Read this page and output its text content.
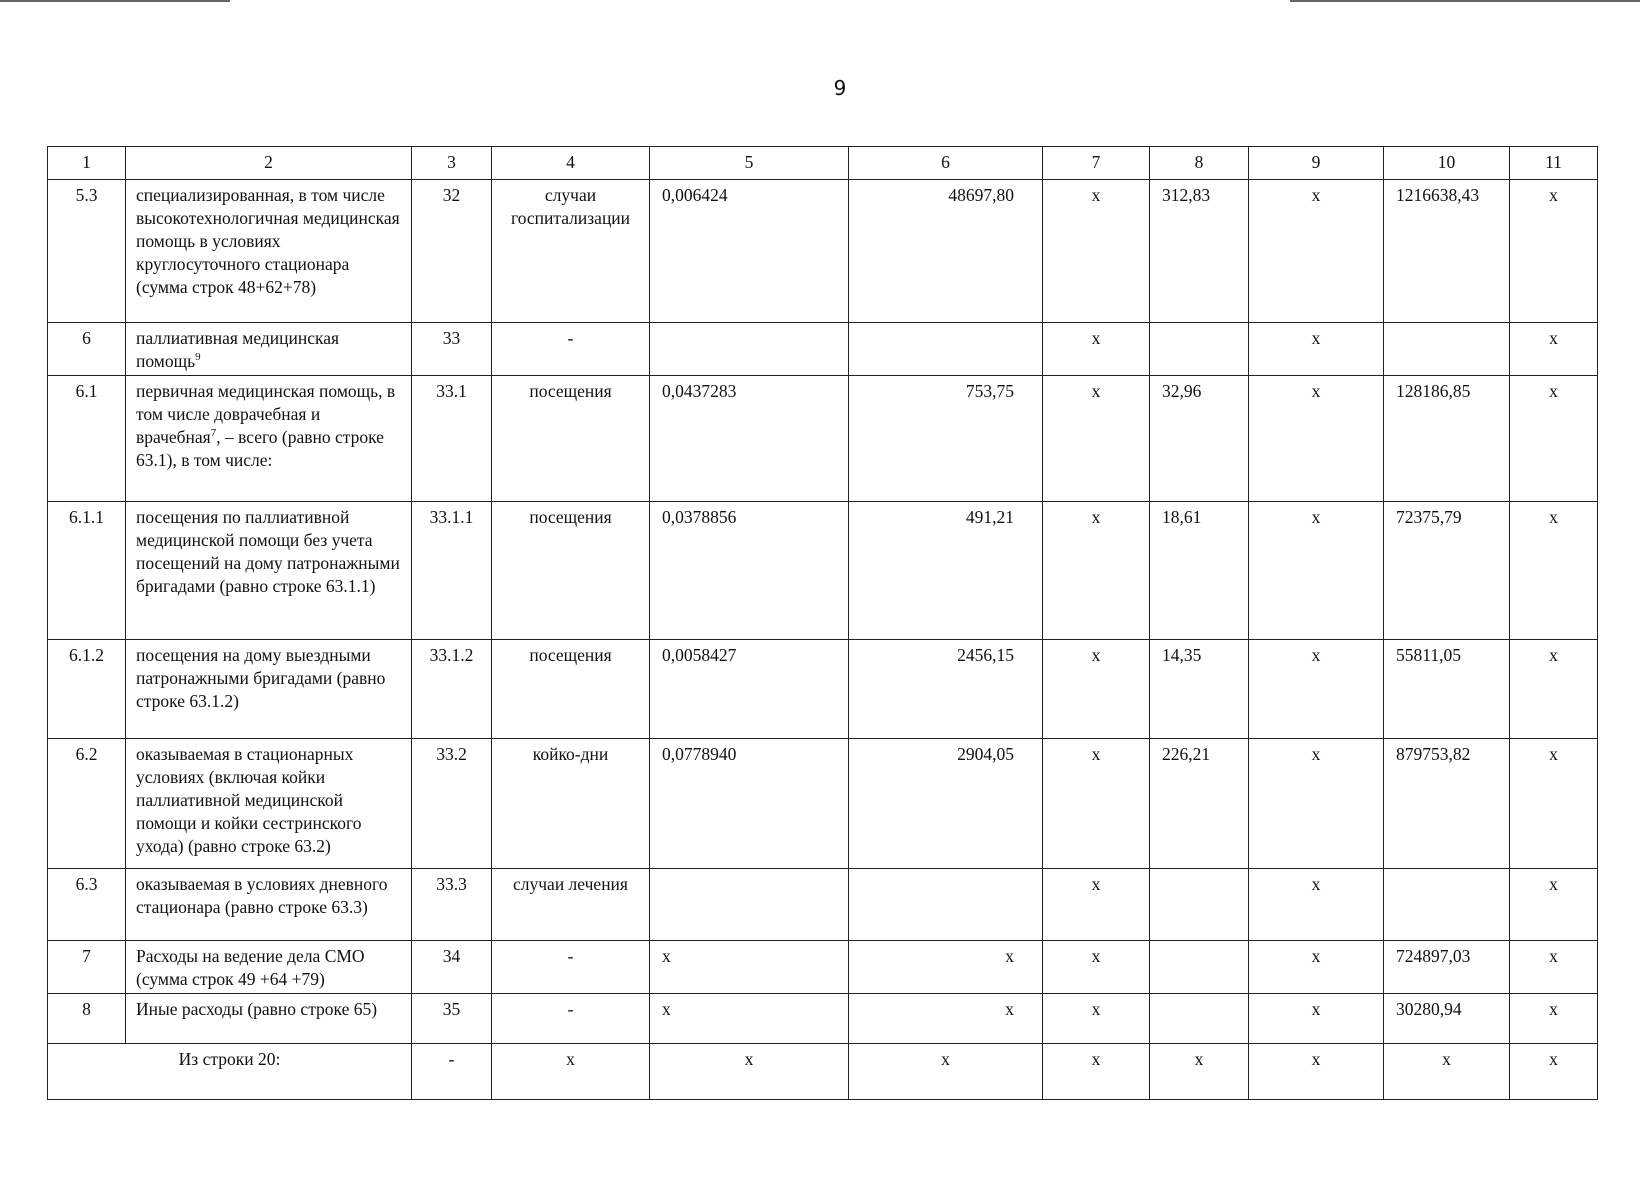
9
1	2	3	4	5	6	7	8	9	10	11
5.3	специализированная, в том числе высокотехнологичная медицинская помощь в условиях круглосуточного стационара (сумма строк 48+62+78)	32	случаи госпитализации	0,006424	48697,80	х	312,83	х	1216638,43	х
6	паллиативная медицинская помощь$^9$	33	-			х		х		х
6.1	первичная медицинская помощь, в том числе доврачебная и врачебная$^7$, – всего (равно строке 63.1), в том числе:	33.1	посещения	0,0437283	753,75	х	32,96	х	128186,85	х
6.1.1	посещения по паллиативной медицинской помощи без учета посещений на дому патронажными бригадами (равно строке 63.1.1)	33.1.1	посещения	0,0378856	491,21	х	18,61	х	72375,79	х
6.1.2	посещения на дому выездными патронажными бригадами (равно строке 63.1.2)	33.1.2	посещения	0,0058427	2456,15	х	14,35	х	55811,05	х
6.2	оказываемая в стационарных условиях (включая койки паллиативной медицинской помощи и койки сестринского ухода) (равно строке 63.2)	33.2	койко-дни	0,0778940	2904,05	х	226,21	х	879753,82	х
6.3	оказываемая в условиях дневного стационара (равно строке 63.3)	33.3	случаи лечения			х		х		х
7	Расходы на ведение дела СМО (сумма строк 49 +64 +79)	34	-	х	х	х		х	724897,03	х
8	Иные расходы (равно строке 65)	35	-	х	х	х		х	30280,94	х
Из строки 20:		-	х	х	х	х	х	х	х	х
